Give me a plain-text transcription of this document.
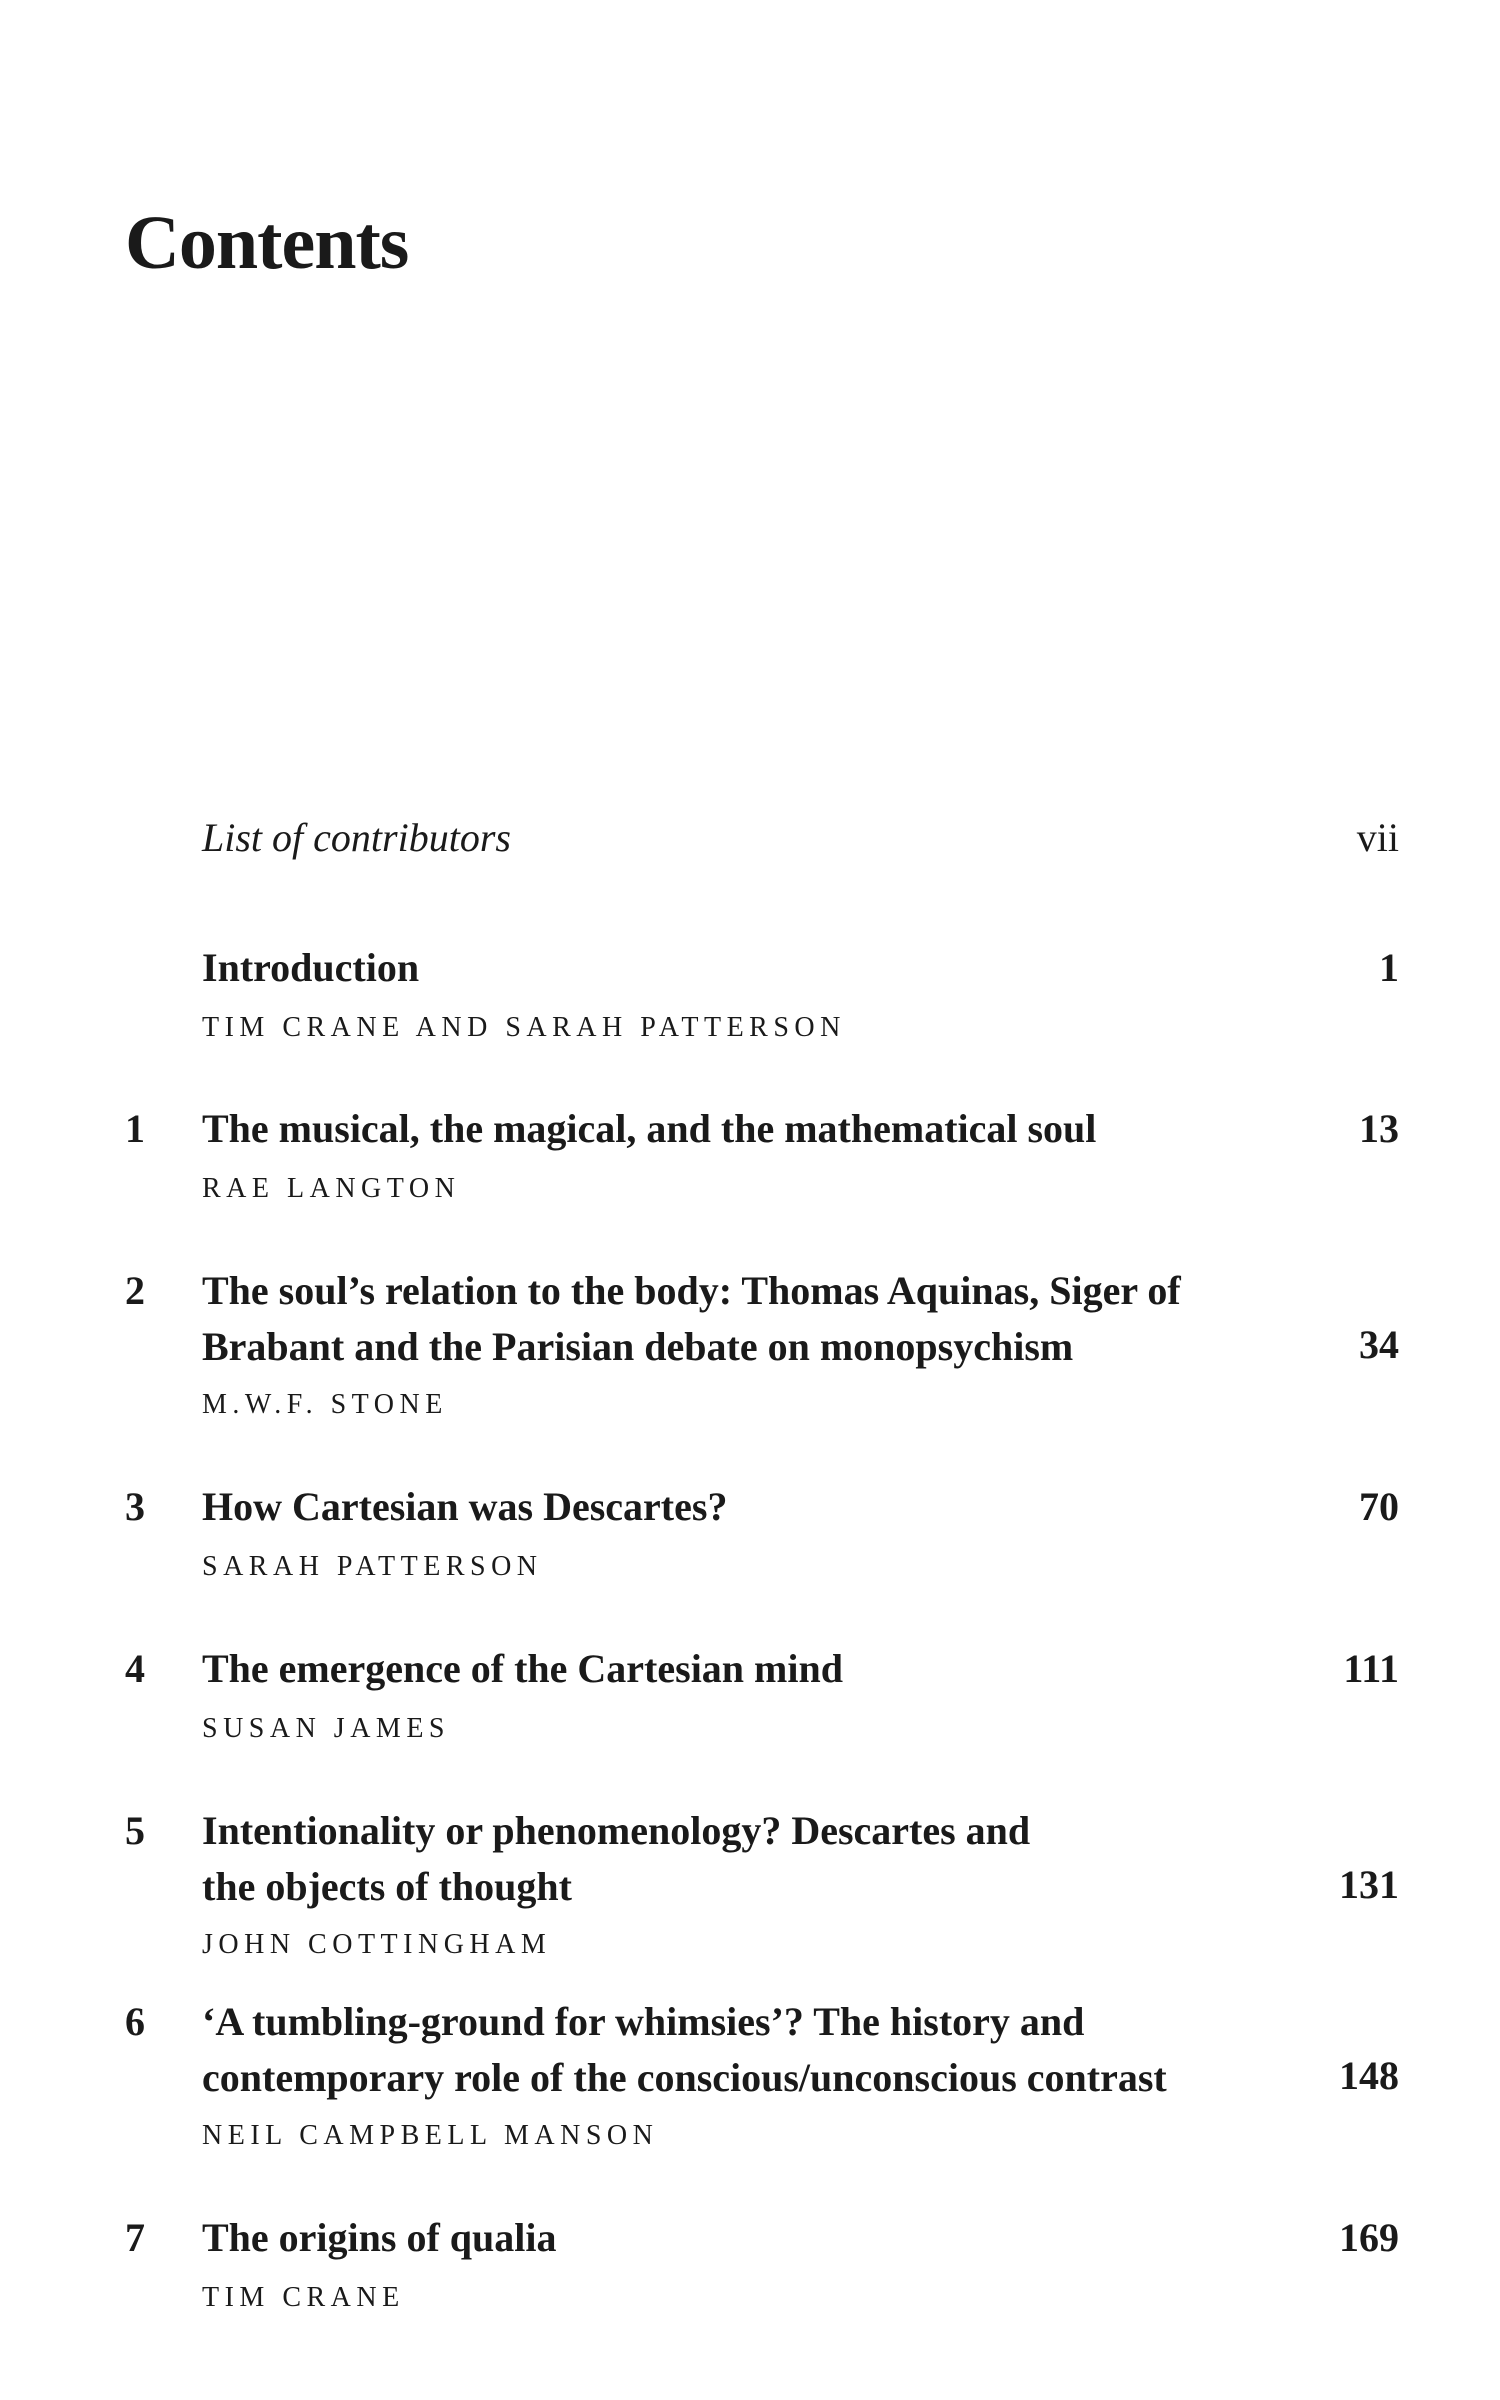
Contents
List of contributors	vii
Introduction	1
TIM CRANE AND SARAH PATTERSON
1 The musical, the magical, and the mathematical soul	13
RAE LANGTON
2 The soul’s relation to the body: Thomas Aquinas, Siger of
Brabant and the Parisian debate on monopsychism	34
M.W.F. STONE
3 How Cartesian was Descartes?	70
SARAH PATTERSON
4 The emergence of the Cartesian mind	111
SUSAN JAMES
5 Intentionality or phenomenology? Descartes and
the objects of thought	131
JOHN COTTINGHAM
6 ‘A tumbling-ground for whimsies’? The history and
contemporary role of the conscious/unconscious contrast	148
NEIL CAMPBELL MANSON
7 The origins of qualia	169
TIM CRANE
